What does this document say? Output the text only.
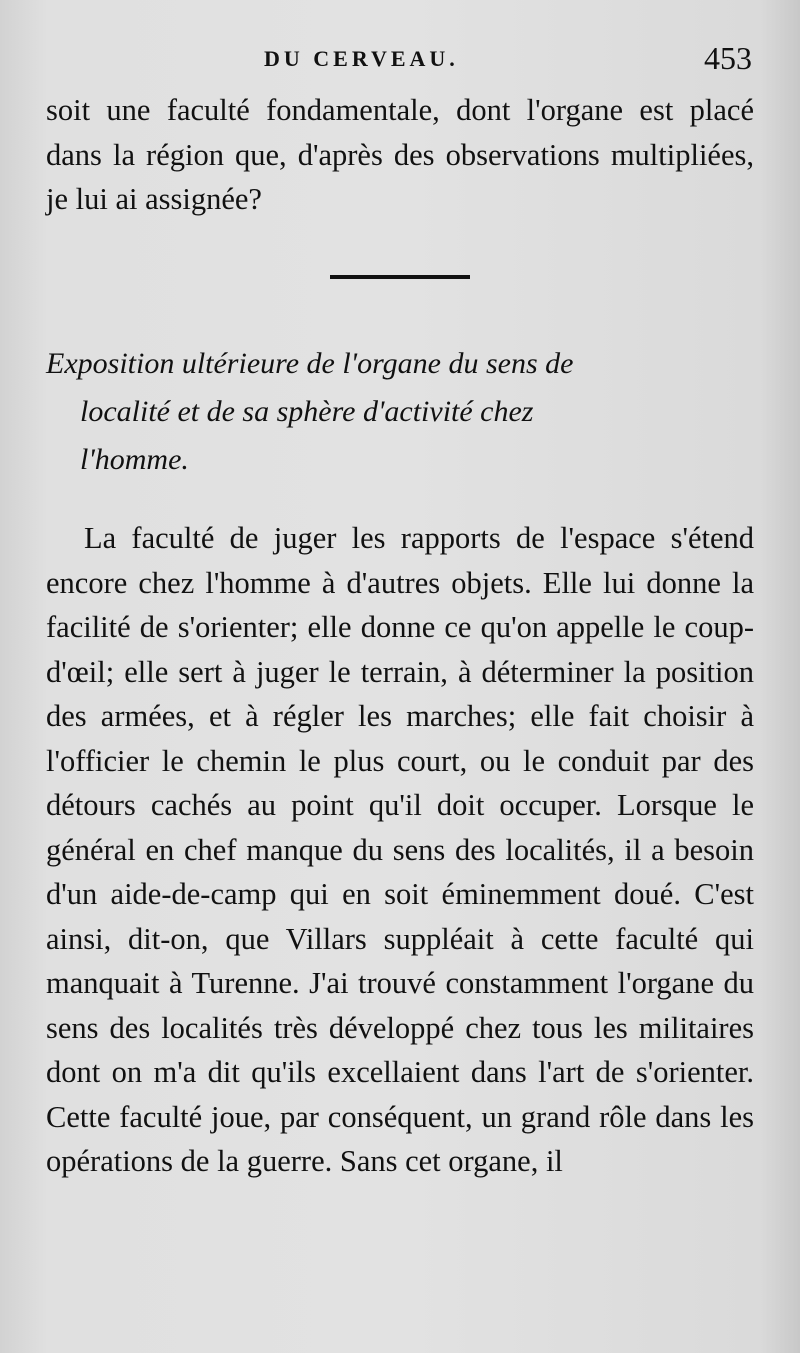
DU CERVEAU.	453

soit une faculté fondamentale, dont l'organe est placé dans la région que, d'après des observations multipliées, je lui ai assignée?

Exposition ultérieure de l'organe du sens de
localité et de sa sphère d'activité chez
l'homme.

La faculté de juger les rapports de l'espace s'étend encore chez l'homme à d'autres objets. Elle lui donne la facilité de s'orienter; elle donne ce qu'on appelle le coup-d'œil; elle sert à juger le terrain, à déterminer la position des armées, et à régler les marches; elle fait choisir à l'officier le chemin le plus court, ou le conduit par des détours cachés au point qu'il doit occuper. Lorsque le général en chef manque du sens des localités, il a besoin d'un aide-de-camp qui en soit éminemment doué. C'est ainsi, dit-on, que Villars suppléait à cette faculté qui manquait à Turenne. J'ai trouvé constamment l'organe du sens des localités très développé chez tous les militaires dont on m'a dit qu'ils excellaient dans l'art de s'orienter. Cette faculté joue, par conséquent, un grand rôle dans les opérations de la guerre. Sans cet organe, il
